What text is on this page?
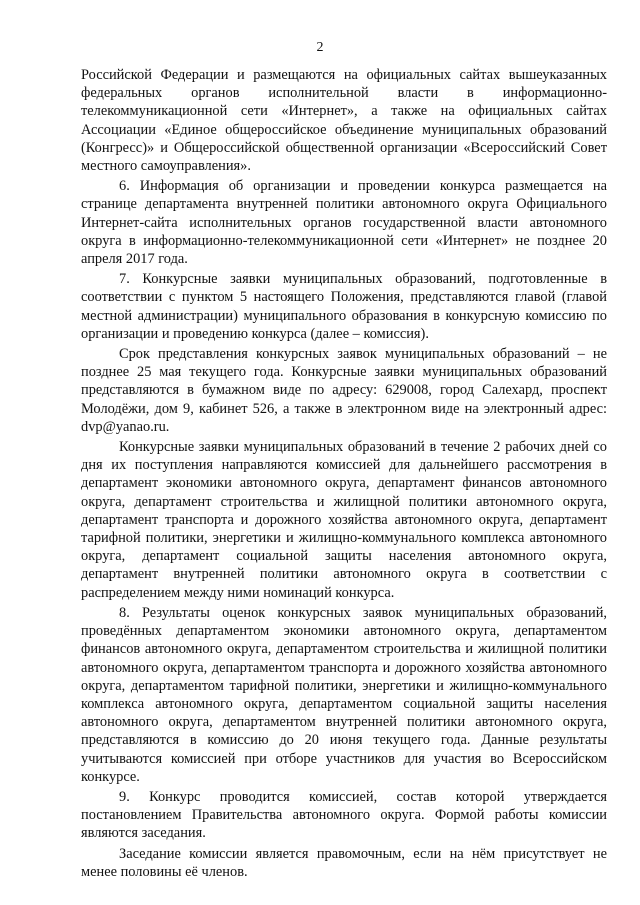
2

Российской Федерации и размещаются на официальных сайтах вышеуказанных федеральных органов исполнительной власти в информационно-телекоммуникационной сети «Интернет», а также на официальных сайтах Ассоциации «Единое общероссийское объединение муниципальных образований (Конгресс)» и Общероссийской общественной организации «Всероссийский Совет местного самоуправления».

6. Информация об организации и проведении конкурса размещается на странице департамента внутренней политики автономного округа Официального Интернет-сайта исполнительных органов государственной власти автономного округа в информационно-телекоммуникационной сети «Интернет» не позднее 20 апреля 2017 года.

7. Конкурсные заявки муниципальных образований, подготовленные в соответствии с пунктом 5 настоящего Положения, представляются главой (главой местной администрации) муниципального образования в конкурсную комиссию по организации и проведению конкурса (далее – комиссия).

Срок представления конкурсных заявок муниципальных образований – не позднее 25 мая текущего года. Конкурсные заявки муниципальных образований представляются в бумажном виде по адресу: 629008, город Салехард, проспект Молодёжи, дом 9, кабинет 526, а также в электронном виде на электронный адрес: dvp@yanao.ru.

Конкурсные заявки муниципальных образований в течение 2 рабочих дней со дня их поступления направляются комиссией для дальнейшего рассмотрения в департамент экономики автономного округа, департамент финансов автономного округа, департамент строительства и жилищной политики автономного округа, департамент транспорта и дорожного хозяйства автономного округа, департамент тарифной политики, энергетики и жилищно-коммунального комплекса автономного округа, департамент социальной защиты населения автономного округа, департамент внутренней политики автономного округа в соответствии с распределением между ними номинаций конкурса.

8. Результаты оценок конкурсных заявок муниципальных образований, проведённых департаментом экономики автономного округа, департаментом финансов автономного округа, департаментом строительства и жилищной политики автономного округа, департаментом транспорта и дорожного хозяйства автономного округа, департаментом тарифной политики, энергетики и жилищно-коммунального комплекса автономного округа, департаментом социальной защиты населения автономного округа, департаментом внутренней политики автономного округа, представляются в комиссию до 20 июня текущего года. Данные результаты учитываются комиссией при отборе участников для участия во Всероссийском конкурсе.

9. Конкурс проводится комиссией, состав которой утверждается постановлением Правительства автономного округа. Формой работы комиссии являются заседания.

Заседание комиссии является правомочным, если на нём присутствует не менее половины её членов.
